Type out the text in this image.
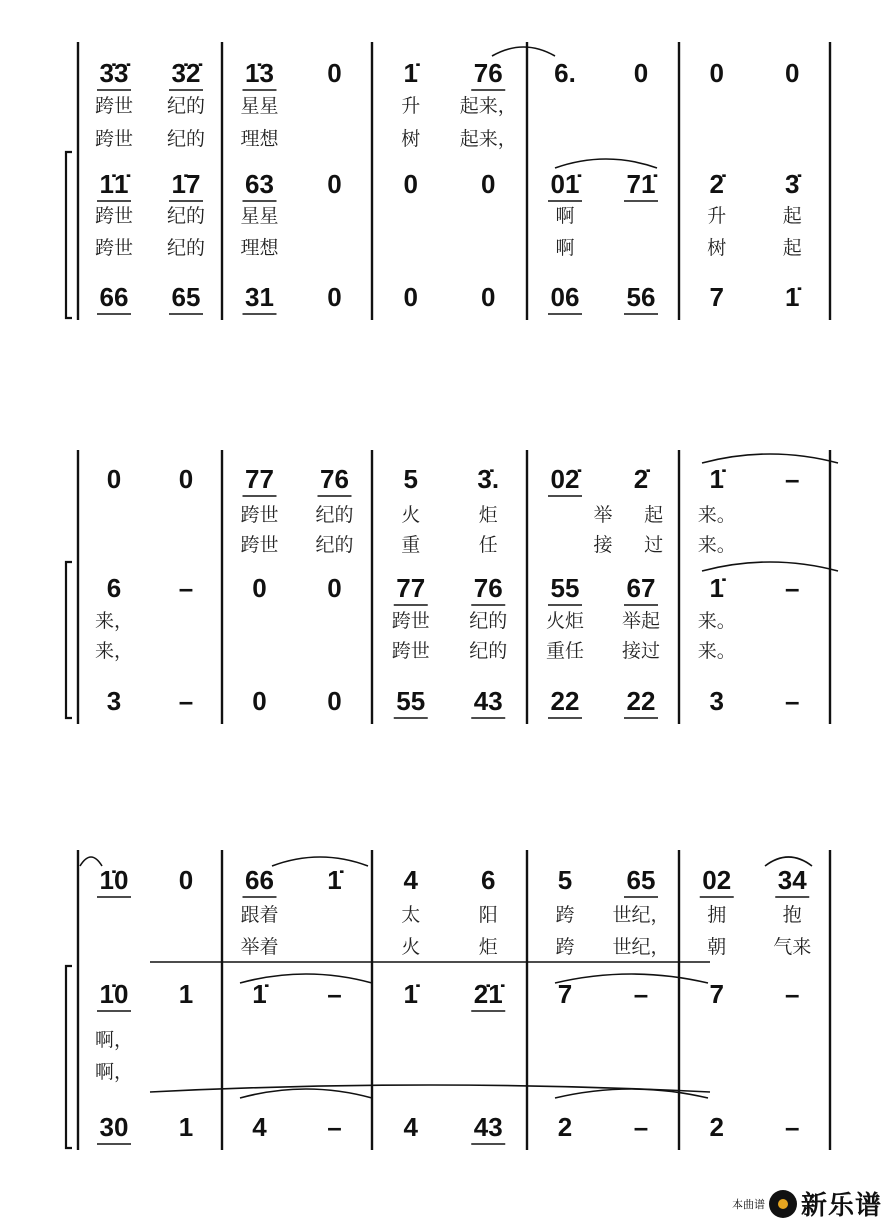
3̇3̇ 3̇2̇ 1̇3 0 1̇ 76 6. 0 0 0
跨世 纪的 星星	升 起来，
跨世 纪的 理想	树 起来，
1̇1̇ 1̇7 63 0 0 0 01̇ 71̇ 2̇ 3̇
跨世 纪的 星星	啊	升	起
跨世 纪的 理想	啊	树	起
66 65 31 0 0 0 06 56 7 1̇
0 0 77 76 5 3̇. 02̇ 2̇ 1̇ –
跨世 纪的	火	炬	举 起 来。
跨世 纪的	重	任	接 过 来。
6 – 0 0 77 76 55 67 1̇ –
来，	跨世 纪的 火炬 举起 来。
来，	跨世 纪的 重任 接过 来。
3 – 0 0 55 43 22 22 3 –
1̇0 0 66 1̇ 4 6 5 65 02 34
跟着	太	阳	跨 世纪， 拥	抱
举着	火	炬	跨 世纪， 朝 气来
1̇0 1 1̇ – 1̇ 2̇1̇ 7 – 7 –
啊，
啊，
30 1 4 – 4 43 2 – 2 –
本曲谱 新乐谱
